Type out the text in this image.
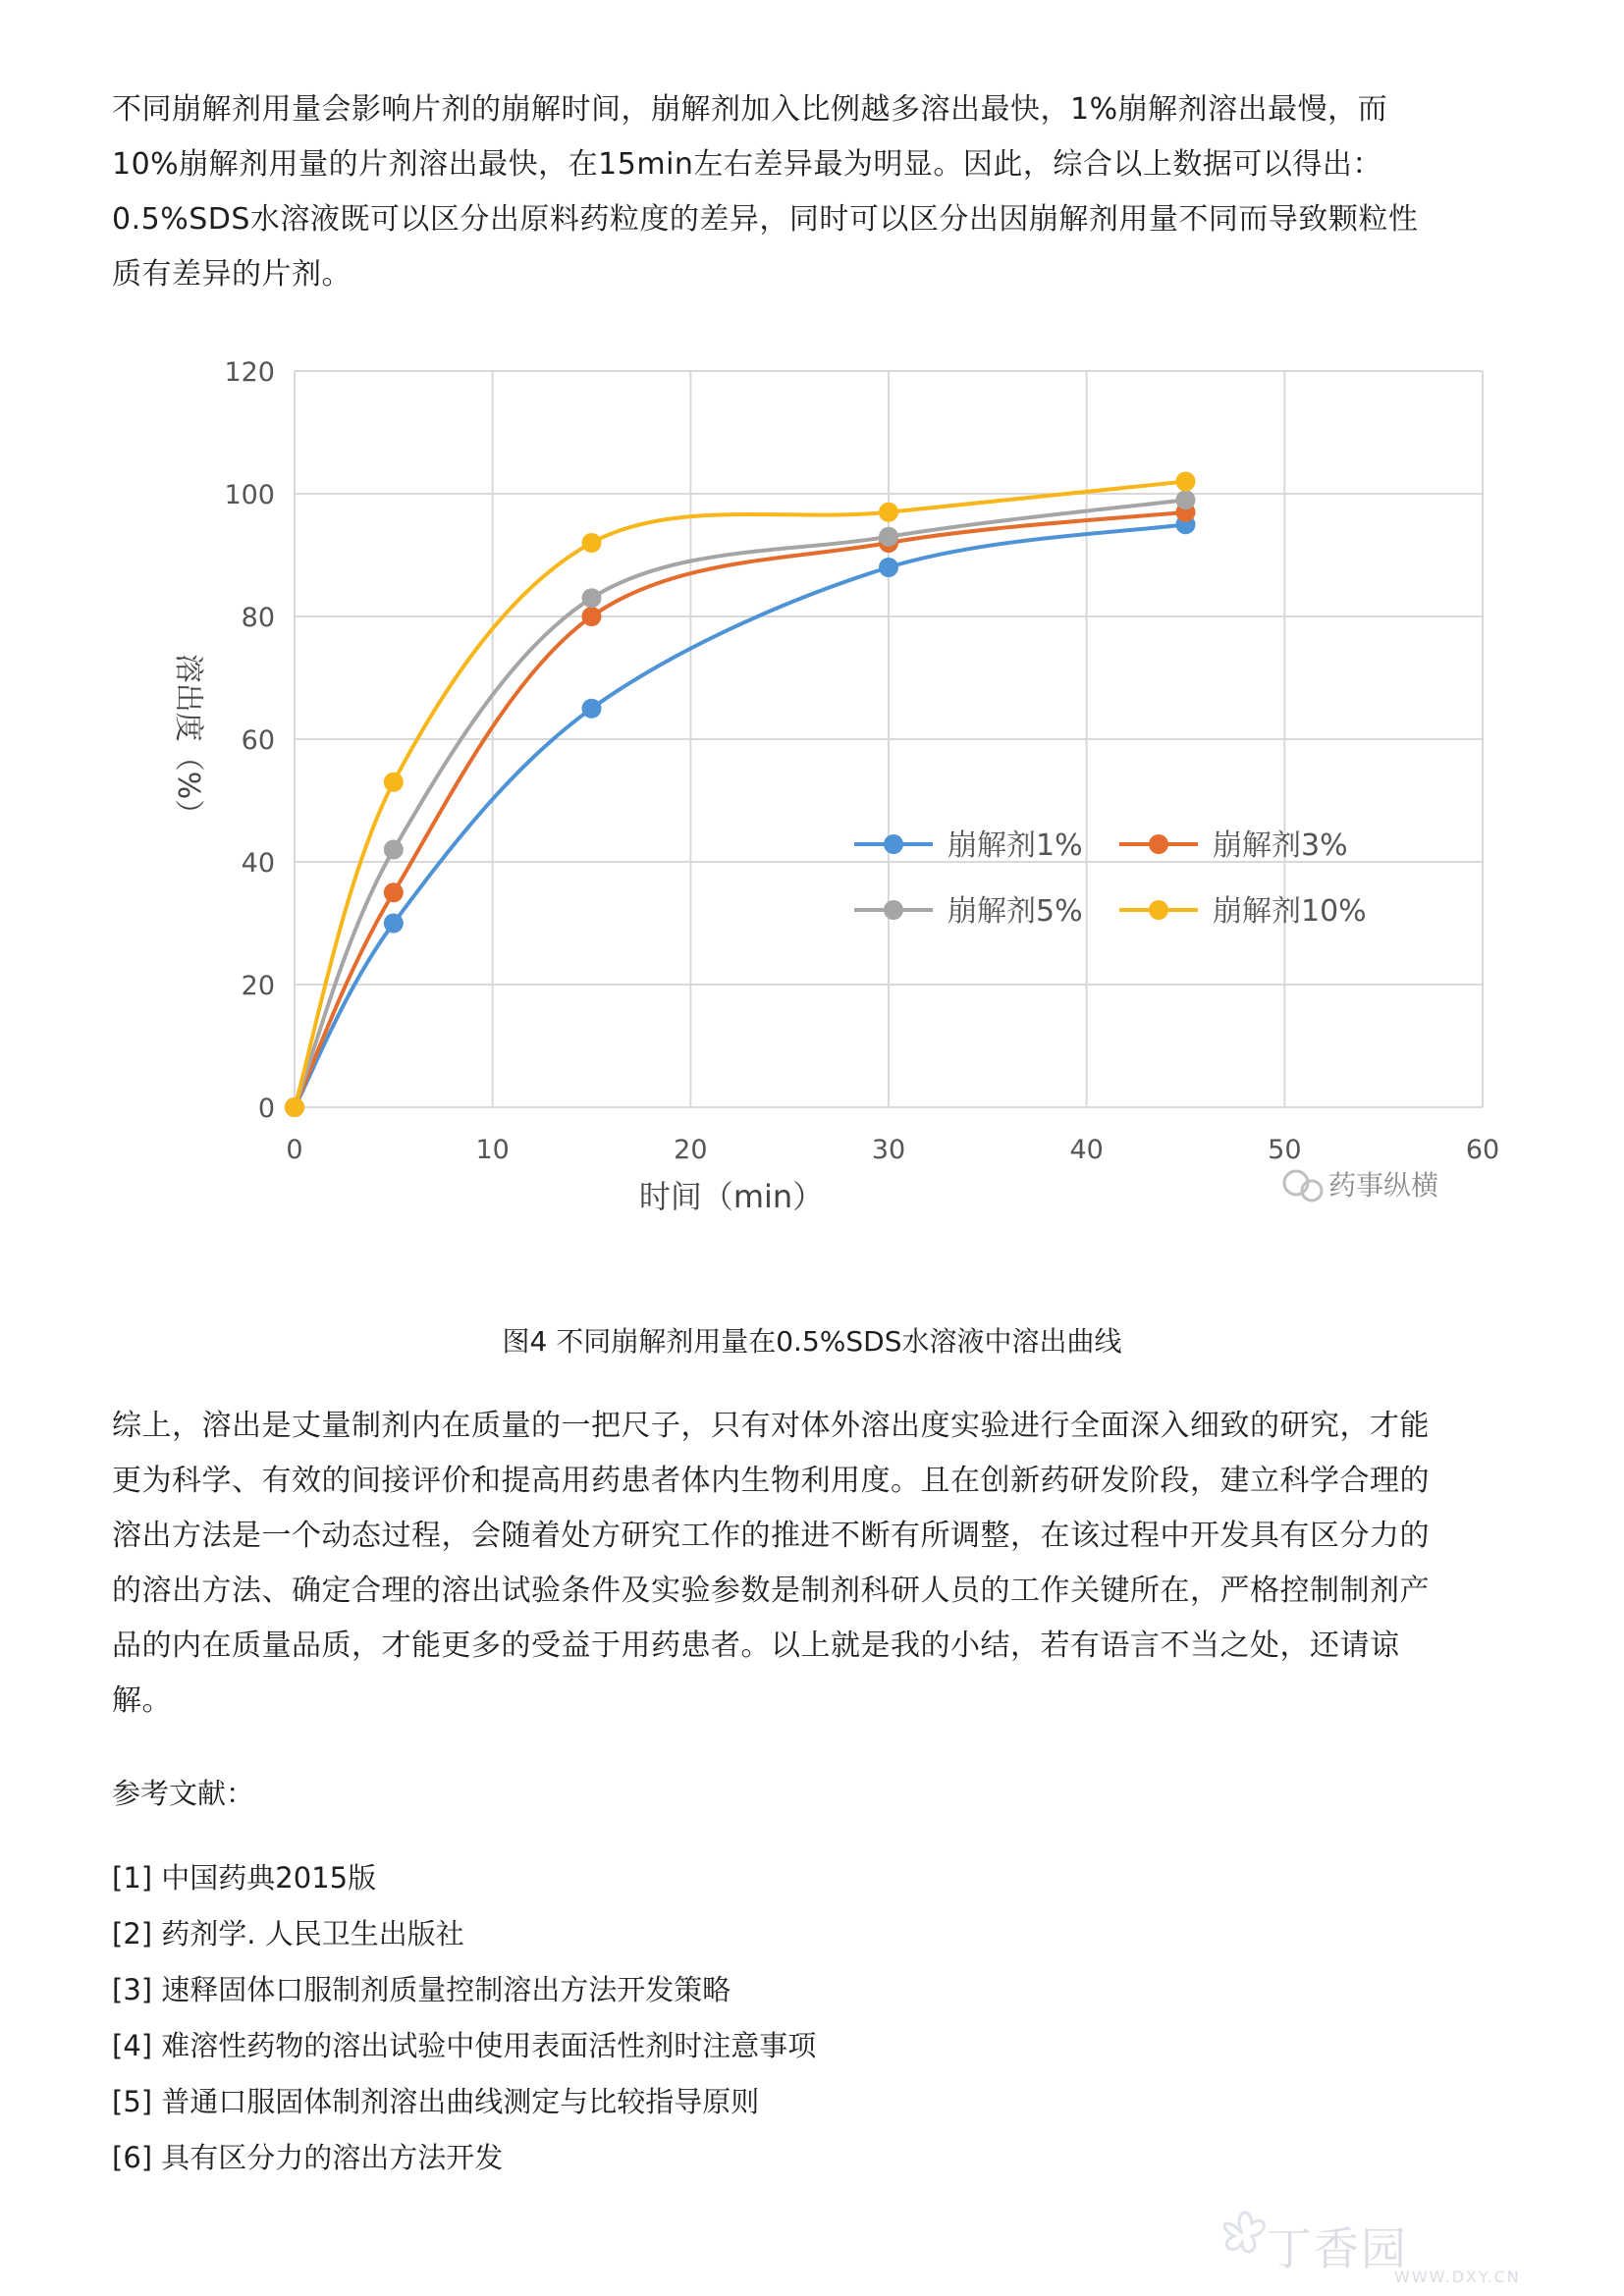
不同崩解剂用量会影响片剂的崩解时间，崩解剂加入比例越多溶出最快，1%崩解剂溶出最慢，而
10%崩解剂用量的片剂溶出最快，在15min左右差异最为明显。因此，综合以上数据可以得出：
0.5%SDS水溶液既可以区分出原料药粒度的差异，同时可以区分出因崩解剂用量不同而导致颗粒性
质有差异的片剂。
0
20
40
60
80
100
120
0	10	20	30	40	50	60
溶出度（%）
时间（min）
崩解剂1%	崩解剂3%
崩解剂5%	崩解剂10%
药事纵横
图4 不同崩解剂用量在0.5%SDS水溶液中溶出曲线
综上，溶出是丈量制剂内在质量的一把尺子，只有对体外溶出度实验进行全面深入细致的研究，才能
更为科学、有效的间接评价和提高用药患者体内生物利用度。且在创新药研发阶段，建立科学合理的
溶出方法是一个动态过程，会随着处方研究工作的推进不断有所调整，在该过程中开发具有区分力的
的溶出方法、确定合理的溶出试验条件及实验参数是制剂科研人员的工作关键所在，严格控制制剂产
品的内在质量品质，才能更多的受益于用药患者。以上就是我的小结，若有语言不当之处，还请谅
解。
参考文献：
[1] 中国药典2015版
[2] 药剂学. 人民卫生出版社
[3] 速释固体口服制剂质量控制溶出方法开发策略
[4] 难溶性药物的溶出试验中使用表面活性剂时注意事项
[5] 普通口服固体制剂溶出曲线测定与比较指导原则
[6] 具有区分力的溶出方法开发
丁香园
WWW.DXY.CN
